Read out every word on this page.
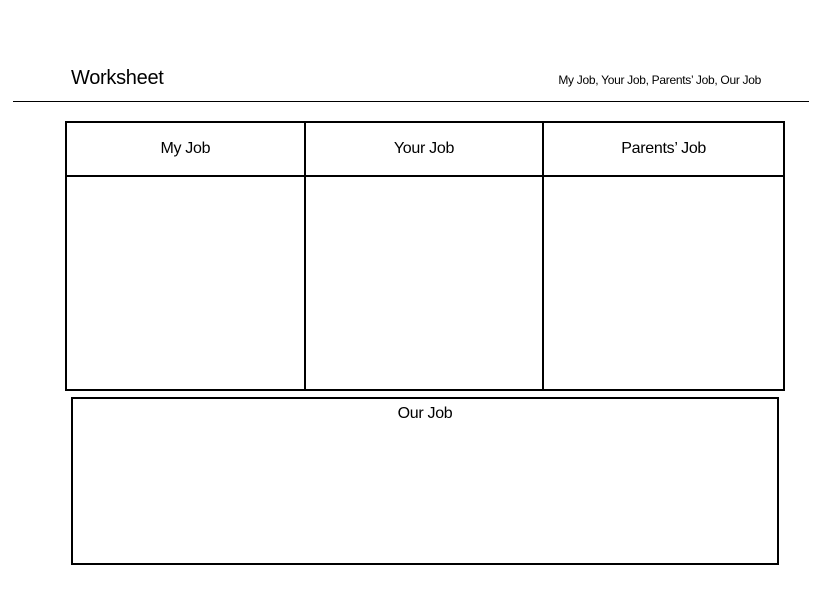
Worksheet	My Job, Your Job, Parents’ Job, Our Job
My Job	Your Job	Parents’ Job
Our Job
